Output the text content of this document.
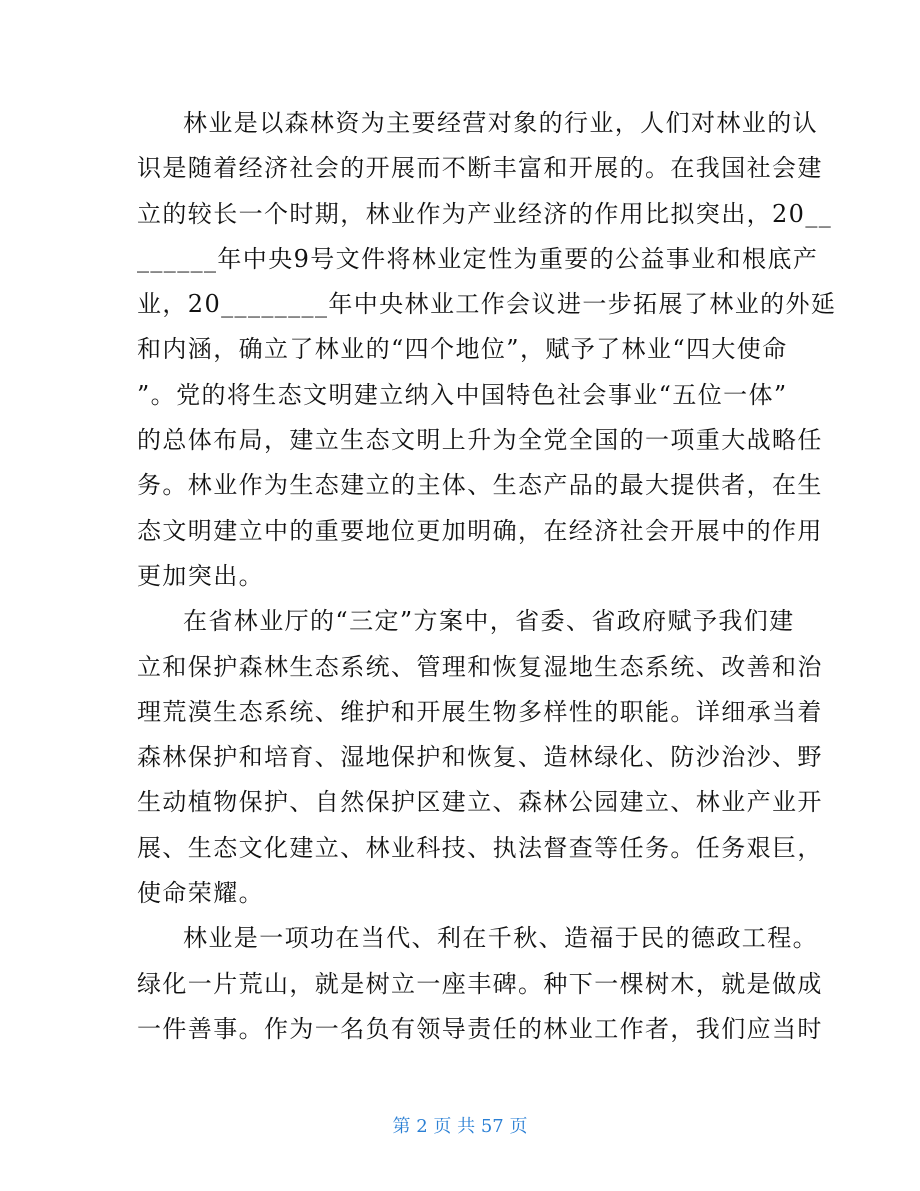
林业是以森林资为主要经营对象的行业，人们对林业的认
识是随着经济社会的开展而不断丰富和开展的。在我国社会建
立的较长一个时期，林业作为产业经济的作用比拟突出，20__
______年中央9号文件将林业定性为重要的公益事业和根底产
业，20________年中央林业工作会议进一步拓展了林业的外延
和内涵，确立了林业的“四个地位”，赋予了林业“四大使命
”。党的将生态文明建立纳入中国特色社会事业“五位一体”
的总体布局，建立生态文明上升为全党全国的一项重大战略任
务。林业作为生态建立的主体、生态产品的最大提供者，在生
态文明建立中的重要地位更加明确，在经济社会开展中的作用
更加突出。
在省林业厅的“三定”方案中，省委、省政府赋予我们建
立和保护森林生态系统、管理和恢复湿地生态系统、改善和治
理荒漠生态系统、维护和开展生物多样性的职能。详细承当着
森林保护和培育、湿地保护和恢复、造林绿化、防沙治沙、野
生动植物保护、自然保护区建立、森林公园建立、林业产业开
展、生态文化建立、林业科技、执法督查等任务。任务艰巨，
使命荣耀。
林业是一项功在当代、利在千秋、造福于民的德政工程。
绿化一片荒山，就是树立一座丰碑。种下一棵树木，就是做成
一件善事。作为一名负有领导责任的林业工作者，我们应当时
第 2 页 共 57 页
